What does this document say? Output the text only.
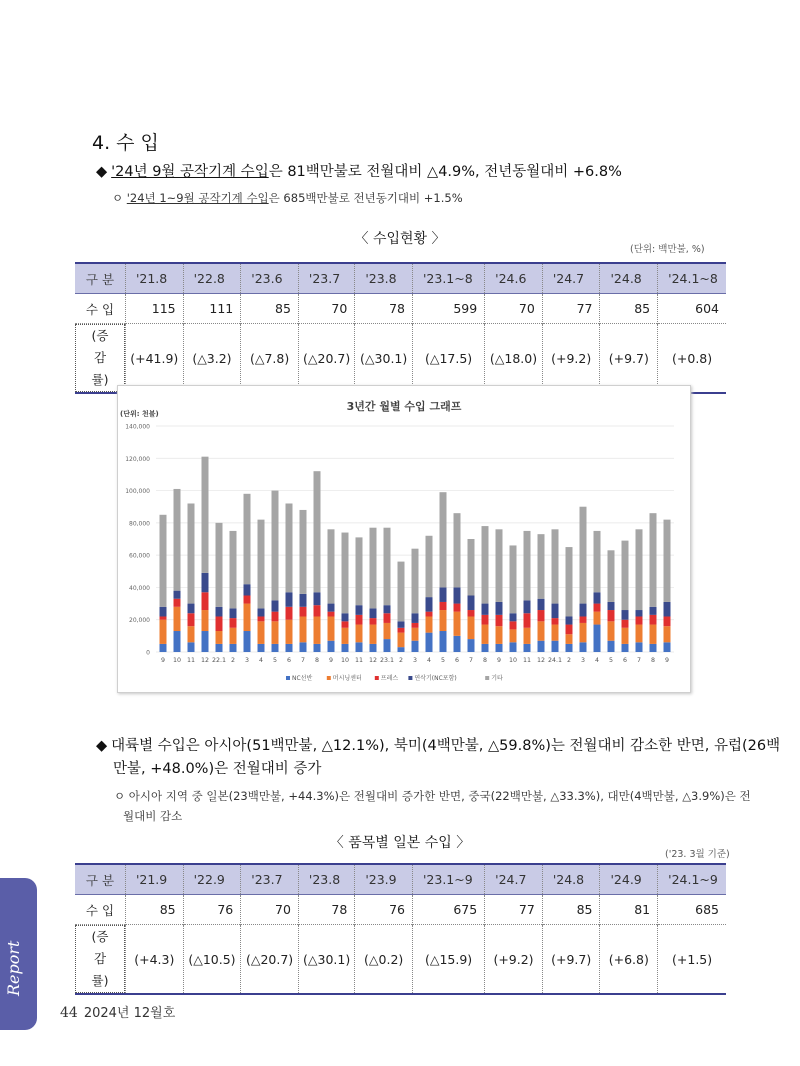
4. 수 입
◆ '24년 9월 공작기계 수입은 81백만불로 전월대비 △4.9%, 전년동월대비 +6.8%
ㅇ '24년 1~9월 공작기계 수입은 685백만불로 전년동기대비 +1.5%
〈 수입현황 〉
(단위: 백만불, %)
구 분	'21.8	'22.8	'23.6	'23.7	'23.8	'23.1~8	'24.6	'24.7	'24.8	'24.1~8
수 입	115	111	85	70	78	599	70	77	85	604
(증감률)	(+41.9)	(△3.2)	(△7.8)	(△20.7)	(△30.1)	(△17.5)	(△18.0)	(+9.2)	(+9.7)	(+0.8)
3년간 월별 수입 그래프
(단위: 천불)
0
20,000
40,000
60,000
80,000
100,000
120,000
140,000
9 10 11 12 22.1 2 3 4 5 6 7 8 9 10 11 12 23.1 2 3 4 5 6 7 8 9 10 11 12 24.1 2 3 4 5 6 7 8 9
NC선반	머시닝센터	프레스	연삭기(NC포함)	기타
◆ 대륙별 수입은 아시아(51백만불, △12.1%), 북미(4백만불, △59.8%)는 전월대비 감소한 반면, 유럽(26백
만불, +48.0%)은 전월대비 증가
ㅇ 아시아 지역 중 일본(23백만불, +44.3%)은 전월대비 증가한 반면, 중국(22백만불, △33.3%), 대만(4백만불, △3.9%)은 전
월대비 감소
〈 품목별 일본 수입 〉
('23. 3월 기준)
구 분	'21.9	'22.9	'23.7	'23.8	'23.9	'23.1~9	'24.7	'24.8	'24.9	'24.1~9
수 입	85	76	70	78	76	675	77	85	81	685
(증감률)	(+4.3)	(△10.5)	(△20.7)	(△30.1)	(△0.2)	(△15.9)	(+9.2)	(+9.7)	(+6.8)	(+1.5)
Report
44 2024년 12월호
